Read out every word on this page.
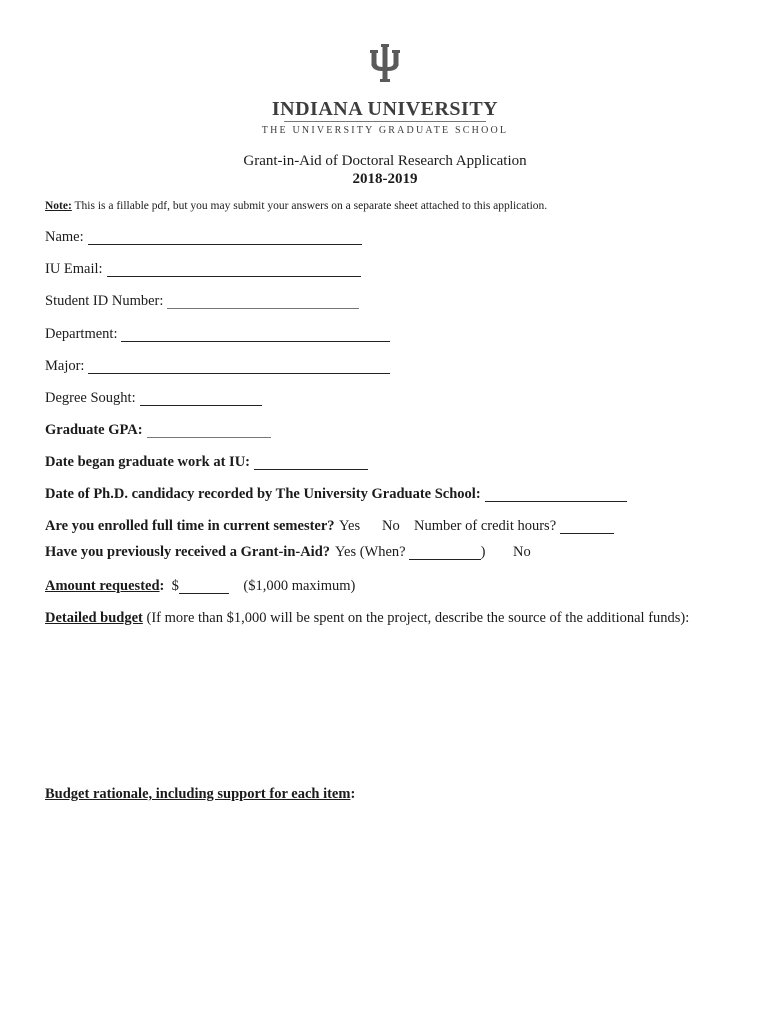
INDIANA UNIVERSITY
THE UNIVERSITY GRADUATE SCHOOL
Grant-in-Aid of Doctoral Research Application
2018-2019
Note: This is a fillable pdf, but you may submit your answers on a separate sheet attached to this application.
Name:
IU Email:
Student ID Number:
Department:
Major:
Degree Sought:
Graduate GPA:
Date began graduate work at IU:
Date of Ph.D. candidacy recorded by The University Graduate School:
Are you enrolled full time in current semester? Yes No Number of credit hours?
Have you previously received a Grant-in-Aid? Yes (When?	) No
Amount requested: $	($1,000 maximum)
Detailed budget (If more than $1,000 will be spent on the project, describe the source of the additional funds):
Budget rationale, including support for each item:
